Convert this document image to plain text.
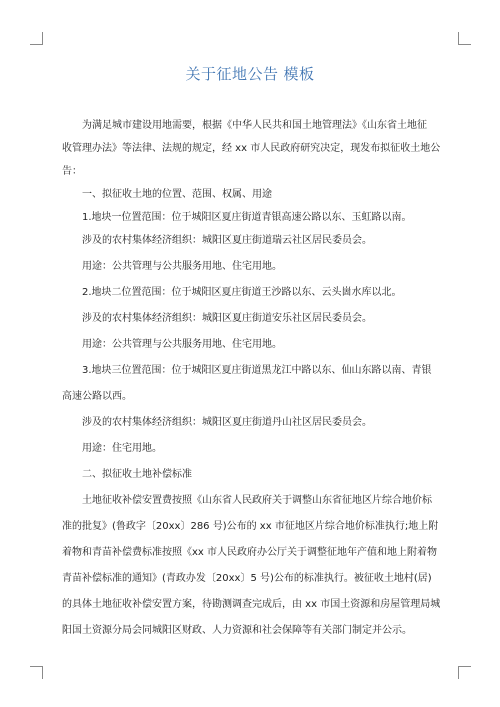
关于征地公告 模板
为满足城市建设用地需要，根据《中华人民共和国土地管理法》《山东省土地征
收管理办法》等法律、法规的规定，经 xx 市人民政府研究决定，现发布拟征收土地公
告：
一、拟征收土地的位置、范围、权属、用途
1.地块一位置范围：位于城阳区夏庄街道青银高速公路以东、玉虹路以南。
涉及的农村集体经济组织：城阳区夏庄街道瑞云社区居民委员会。
用途：公共管理与公共服务用地、住宅用地。
2.地块二位置范围：位于城阳区夏庄街道王沙路以东、云头崮水库以北。
涉及的农村集体经济组织：城阳区夏庄街道安乐社区居民委员会。
用途：公共管理与公共服务用地、住宅用地。
3.地块三位置范围：位于城阳区夏庄街道黑龙江中路以东、仙山东路以南、青银
高速公路以西。
涉及的农村集体经济组织：城阳区夏庄街道丹山社区居民委员会。
用途：住宅用地。
二、拟征收土地补偿标准
土地征收补偿安置费按照《山东省人民政府关于调整山东省征地区片综合地价标
准的批复》(鲁政字〔20xx〕286 号)公布的 xx 市征地区片综合地价标准执行;地上附
着物和青苗补偿费标准按照《xx 市人民政府办公厅关于调整征地年产值和地上附着物
青苗补偿标准的通知》(青政办发〔20xx〕5 号)公布的标准执行。被征收土地村(居)
的具体土地征收补偿安置方案，待勘测调查完成后，由 xx 市国土资源和房屋管理局城
阳国土资源分局会同城阳区财政、人力资源和社会保障等有关部门制定并公示。
